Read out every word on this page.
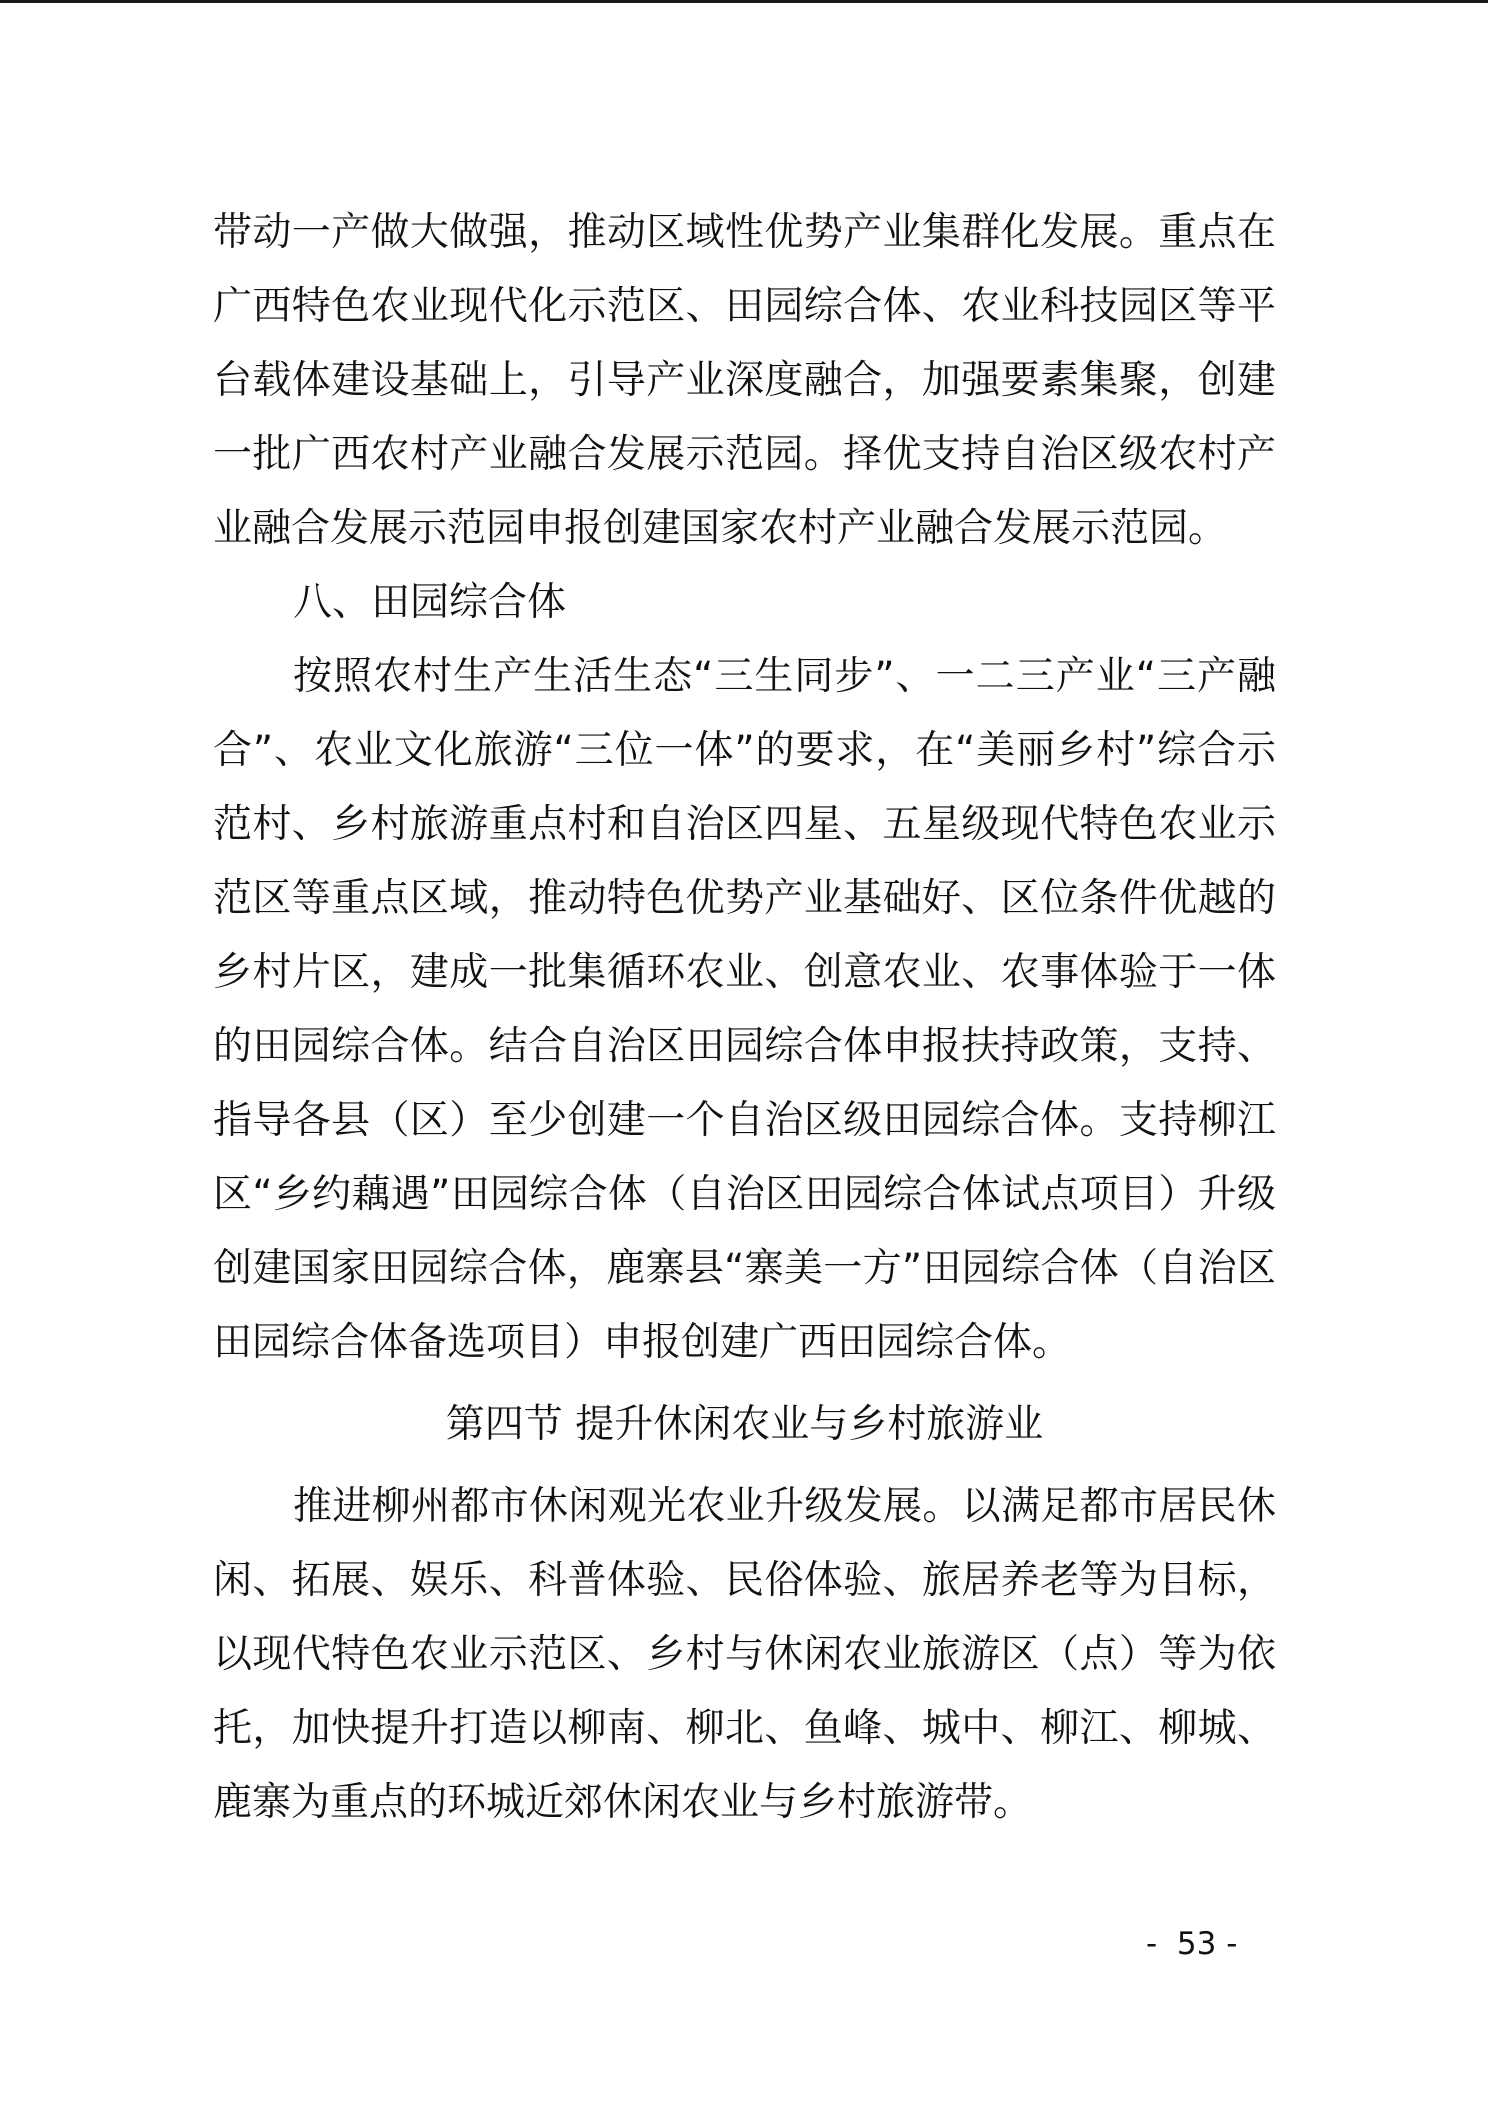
带动一产做大做强，推动区域性优势产业集群化发展。重点在广西特色农业现代化示范区、田园综合体、农业科技园区等平台载体建设基础上，引导产业深度融合，加强要素集聚，创建一批广西农村产业融合发展示范园。择优支持自治区级农村产业融合发展示范园申报创建国家农村产业融合发展示范园。

八、田园综合体

按照农村生产生活生态“三生同步”、一二三产业“三产融合”、农业文化旅游“三位一体”的要求，在“美丽乡村”综合示范村、乡村旅游重点村和自治区四星、五星级现代特色农业示范区等重点区域，推动特色优势产业基础好、区位条件优越的乡村片区，建成一批集循环农业、创意农业、农事体验于一体的田园综合体。结合自治区田园综合体申报扶持政策，支持、指导各县（区）至少创建一个自治区级田园综合体。支持柳江区“乡约藕遇”田园综合体（自治区田园综合体试点项目）升级创建国家田园综合体，鹿寨县“寨美一方”田园综合体（自治区田园综合体备选项目）申报创建广西田园综合体。

第四节 提升休闲农业与乡村旅游业

推进柳州都市休闲观光农业升级发展。以满足都市居民休闲、拓展、娱乐、科普体验、民俗体验、旅居养老等为目标，以现代特色农业示范区、乡村与休闲农业旅游区（点）等为依托，加快提升打造以柳南、柳北、鱼峰、城中、柳江、柳城、鹿寨为重点的环城近郊休闲农业与乡村旅游带。

-  53 -
